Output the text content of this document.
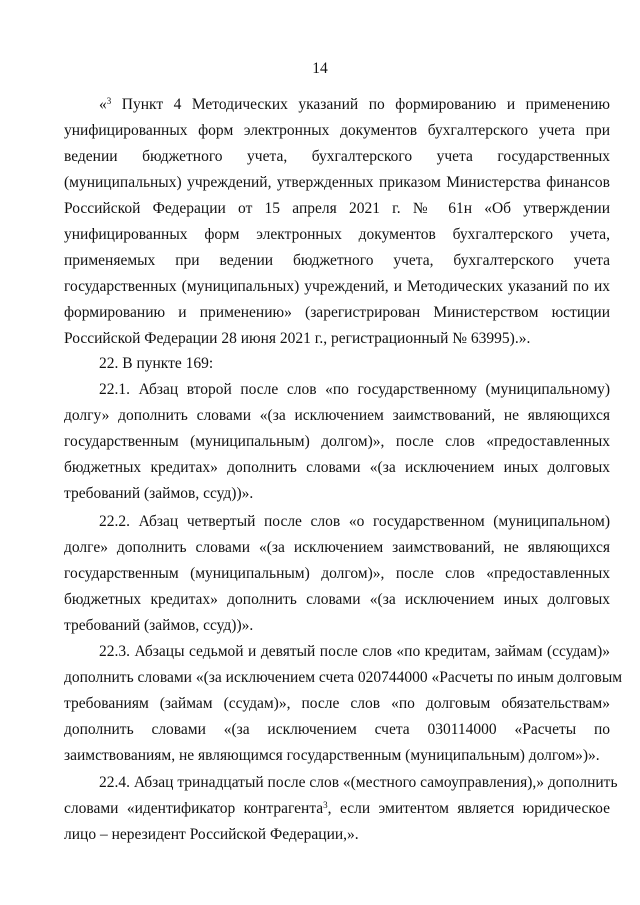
14
«$^3$ Пункт 4 Методических указаний по формированию и применению
унифицированных форм электронных документов бухгалтерского учета при
ведении бюджетного учета, бухгалтерского учета государственных
(муниципальных) учреждений, утвержденных приказом Министерства финансов
Российской Федерации от 15 апреля 2021 г. № 61н «Об утверждении
унифицированных форм электронных документов бухгалтерского учета,
применяемых при ведении бюджетного учета, бухгалтерского учета
государственных (муниципальных) учреждений, и Методических указаний по их
формированию и применению» (зарегистрирован Министерством юстиции
Российской Федерации 28 июня 2021 г., регистрационный № 63995).».
22. В пункте 169:
22.1. Абзац второй после слов «по государственному (муниципальному)
долгу» дополнить словами «(за исключением заимствований, не являющихся
государственным (муниципальным) долгом)», после слов «предоставленных
бюджетных кредитах» дополнить словами «(за исключением иных долговых
требований (займов, ссуд))».
22.2. Абзац четвертый после слов «о государственном (муниципальном)
долге» дополнить словами «(за исключением заимствований, не являющихся
государственным (муниципальным) долгом)», после слов «предоставленных
бюджетных кредитах» дополнить словами «(за исключением иных долговых
требований (займов, ссуд))».
22.3. Абзацы седьмой и девятый после слов «по кредитам, займам (ссудам)»
дополнить словами «(за исключением счета 020744000 «Расчеты по иным долговым
требованиям (займам (ссудам)», после слов «по долговым обязательствам»
дополнить словами «(за исключением счета 030114000 «Расчеты по
заимствованиям, не являющимся государственным (муниципальным) долгом»)».
22.4. Абзац тринадцатый после слов «(местного самоуправления),» дополнить
словами «идентификатор контрагента$^3$, если эмитентом является юридическое
лицо – нерезидент Российской Федерации,».
